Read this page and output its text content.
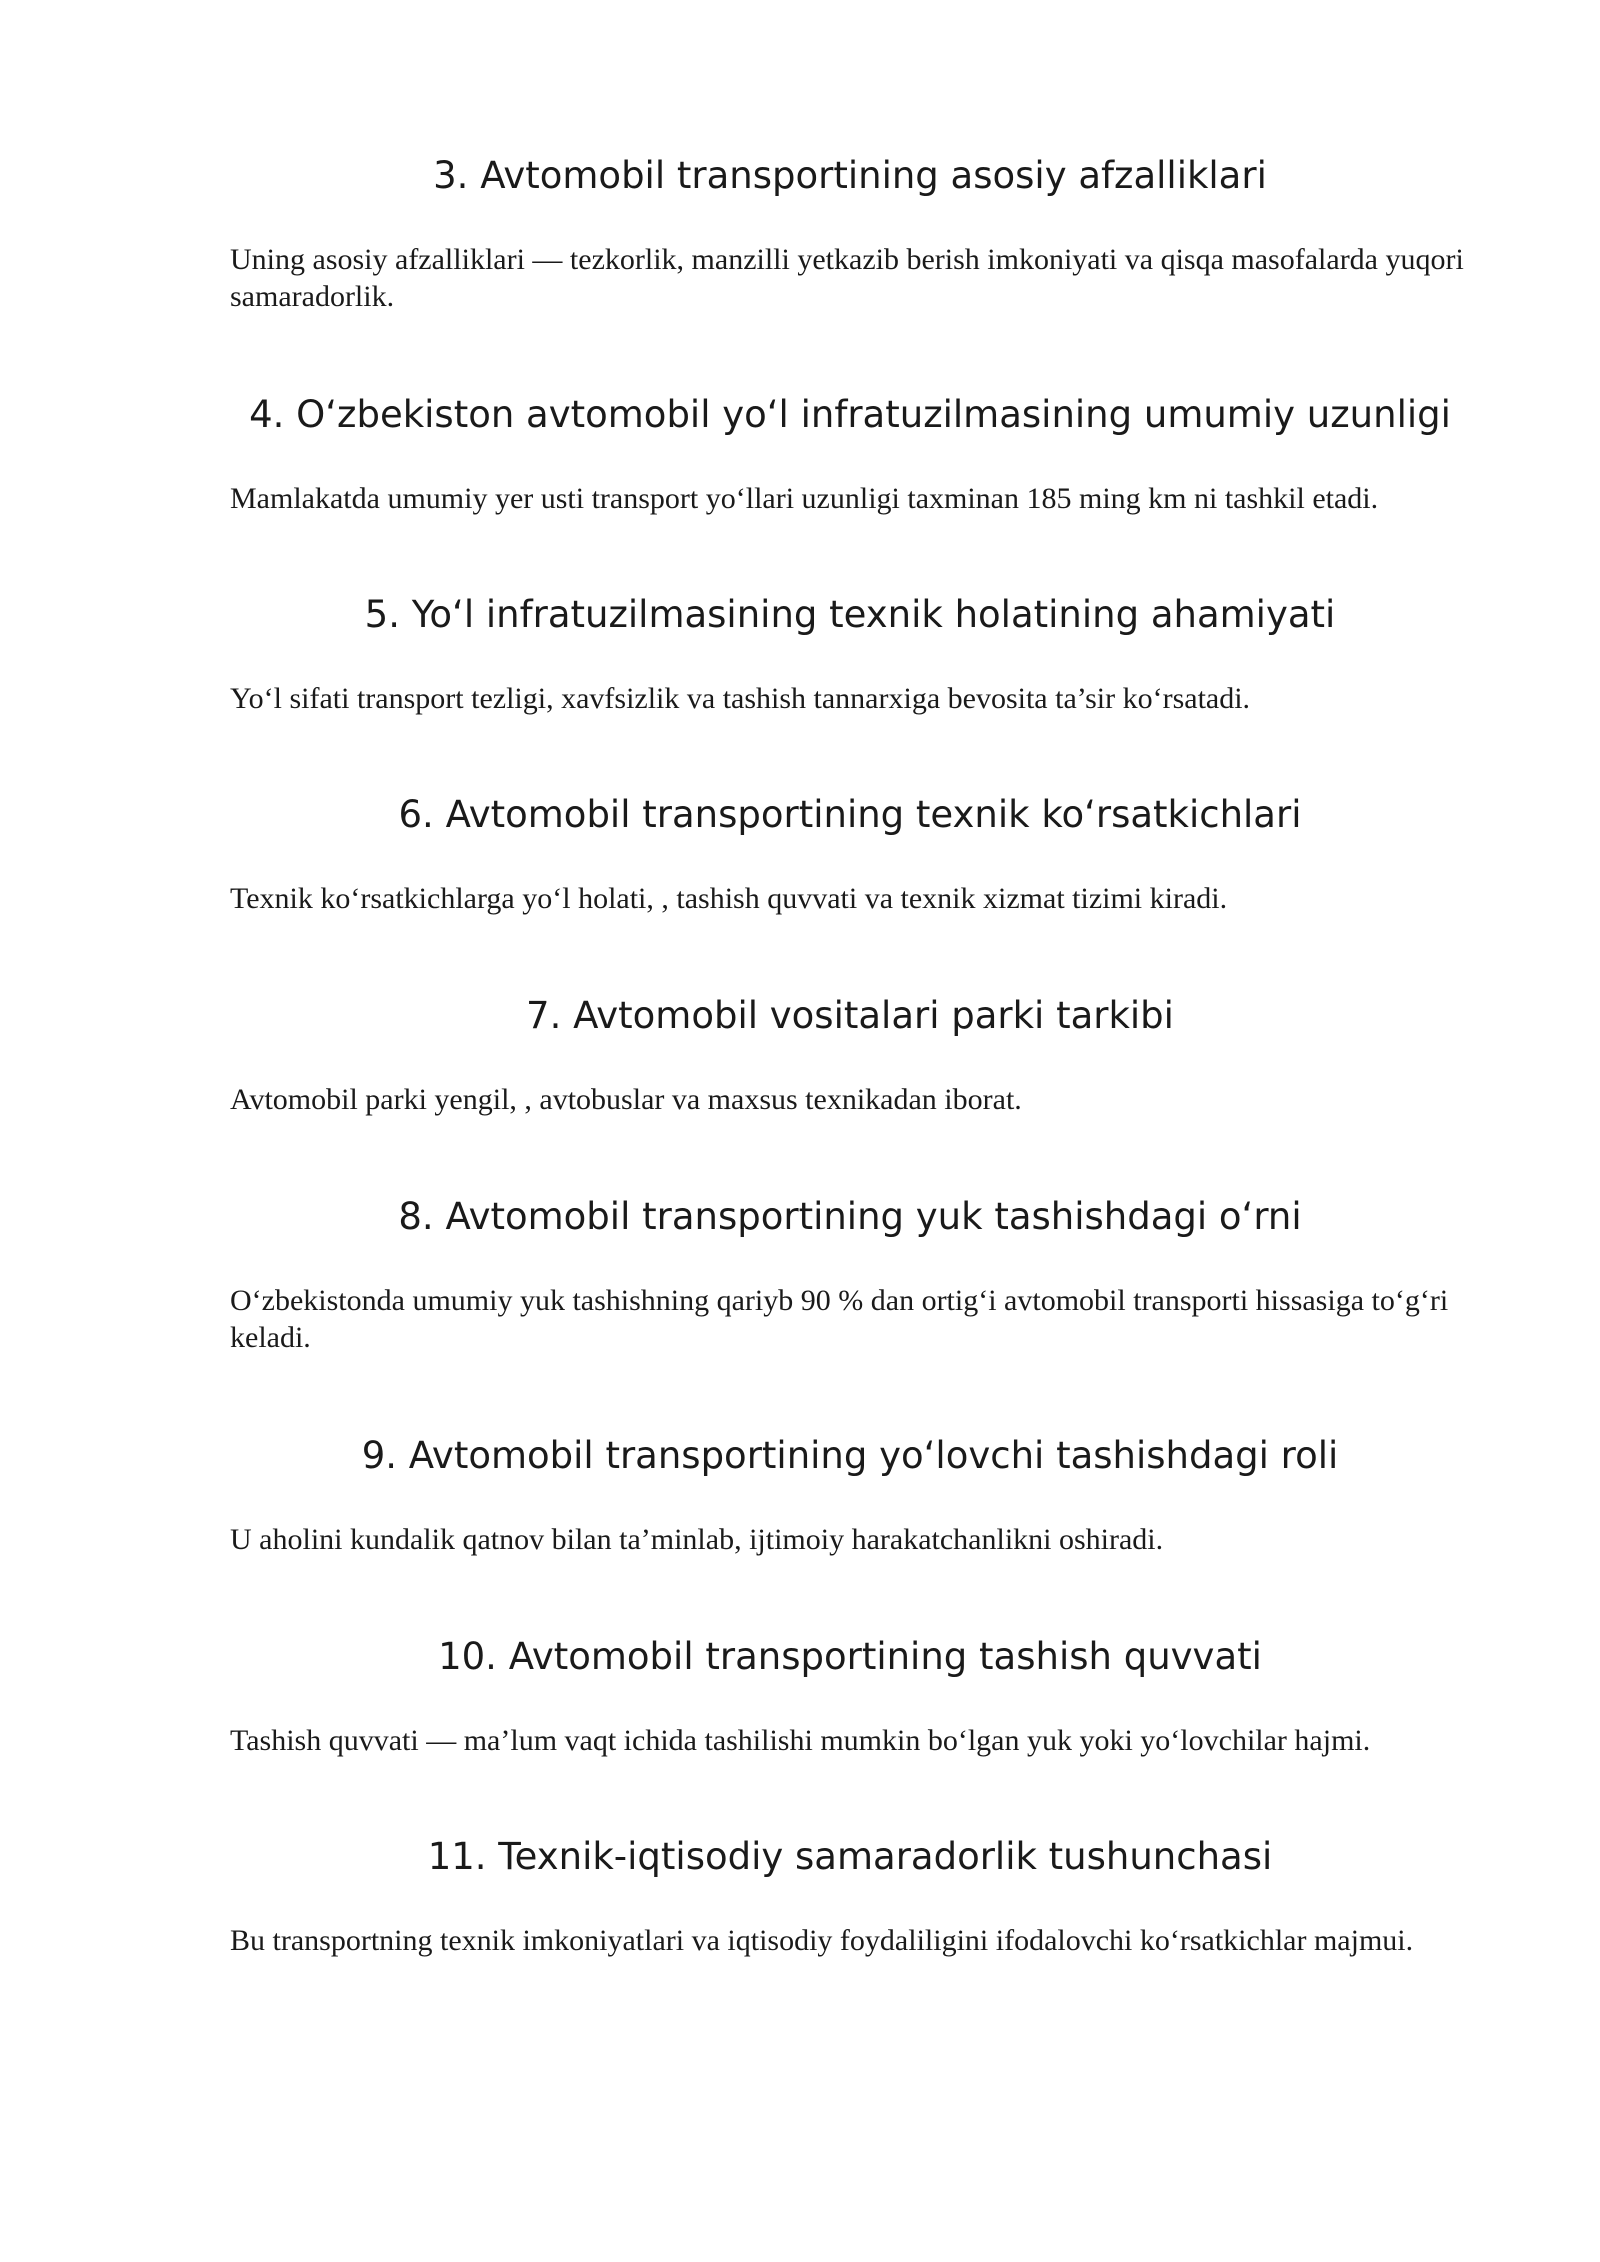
3. Avtomobil transportining asosiy afzalliklari

Uning asosiy afzalliklari — tezkorlik, manzilli yetkazib berish imkoniyati va qisqa masofalarda yuqori samaradorlik.

4. O‘zbekiston avtomobil yo‘l infratuzilmasining umumiy uzunligi

Mamlakatda umumiy yer usti transport yo‘llari uzunligi taxminan 185 ming km ni tashkil etadi.

5. Yo‘l infratuzilmasining texnik holatining ahamiyati

Yo‘l sifati transport tezligi, xavfsizlik va tashish tannarxiga bevosita ta’sir ko‘rsatadi.

6. Avtomobil transportining texnik ko‘rsatkichlari

Texnik ko‘rsatkichlarga yo‘l holati, , tashish quvvati va texnik xizmat tizimi kiradi.

7. Avtomobil vositalari parki tarkibi

Avtomobil parki yengil, , avtobuslar va maxsus texnikadan iborat.

8. Avtomobil transportining yuk tashishdagi o‘rni

O‘zbekistonda umumiy yuk tashishning qariyb 90 % dan ortig‘i avtomobil transporti hissasiga to‘g‘ri keladi.

9. Avtomobil transportining yo‘lovchi tashishdagi roli

U aholini kundalik qatnov bilan ta’minlab, ijtimoiy harakatchanlikni oshiradi.

10. Avtomobil transportining tashish quvvati

Tashish quvvati — ma’lum vaqt ichida tashilishi mumkin bo‘lgan yuk yoki yo‘lovchilar hajmi.

11. Texnik-iqtisodiy samaradorlik tushunchasi

Bu transportning texnik imkoniyatlari va iqtisodiy foydaliligini ifodalovchi ko‘rsatkichlar majmui.
